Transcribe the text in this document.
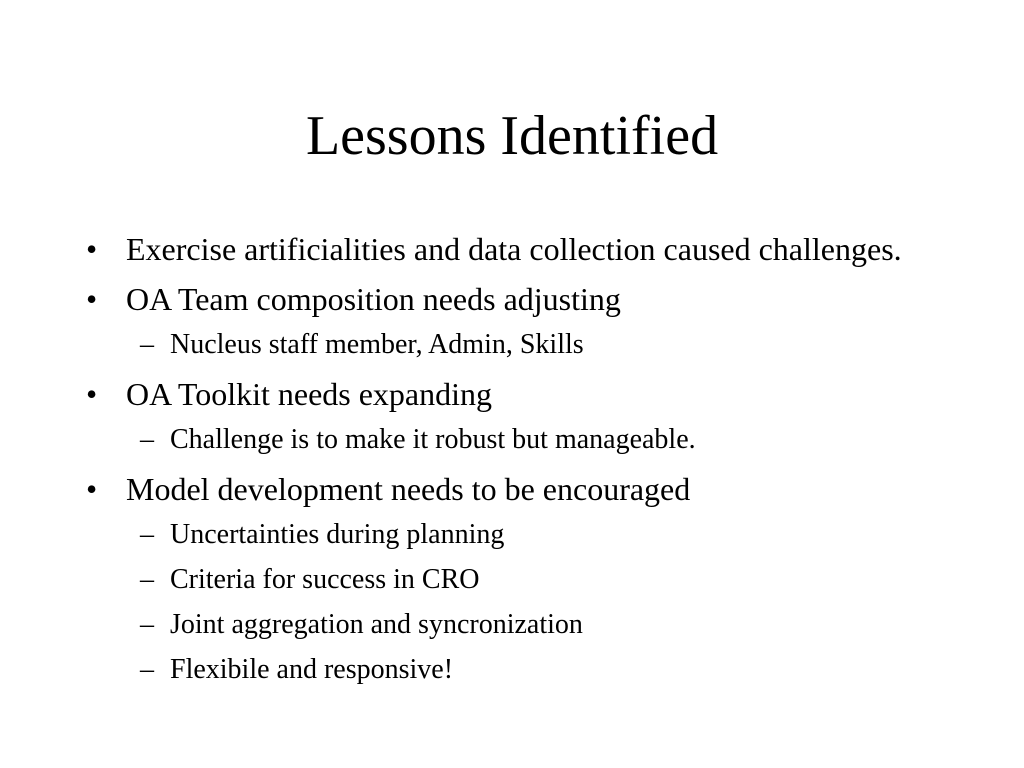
Lessons Identified
• Exercise artificialities and data collection caused challenges.
• OA Team composition needs adjusting
– Nucleus staff member, Admin, Skills
• OA Toolkit needs expanding
– Challenge is to make it robust but manageable.
• Model development needs to be encouraged
– Uncertainties during planning
– Criteria for success in CRO
– Joint aggregation and syncronization
– Flexibile and responsive!
